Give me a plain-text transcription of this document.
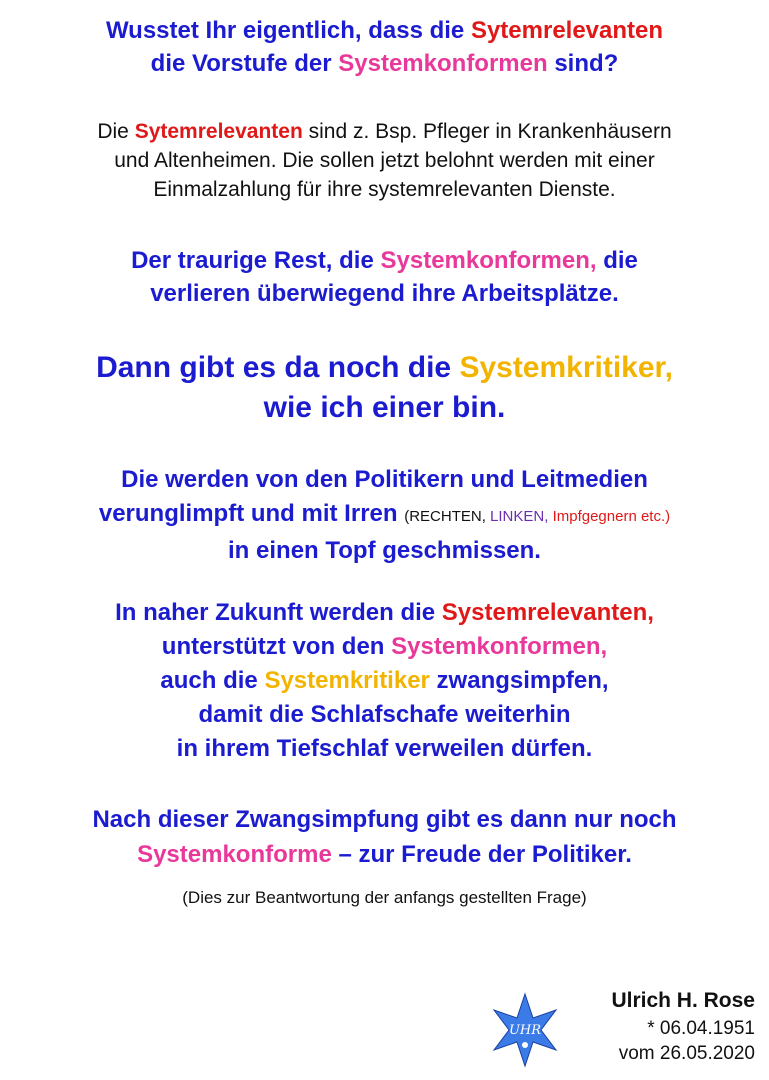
Wusstet Ihr eigentlich, dass die Sytemrelevanten
die Vorstufe der Systemkonformen sind?

Die Sytemrelevanten sind z. Bsp. Pfleger in Krankenhäusern
und Altenheimen. Die sollen jetzt belohnt werden mit einer
Einmalzahlung für ihre systemrelevanten Dienste.

Der traurige Rest, die Systemkonformen, die
verlieren überwiegend ihre Arbeitsplätze.

Dann gibt es da noch die Systemkritiker,
wie ich einer bin.

Die werden von den Politikern und Leitmedien
verunglimpft und mit Irren (RECHTEN, LINKEN, Impfgegnern etc.)
in einen Topf geschmissen.

In naher Zukunft werden die Systemrelevanten,
unterstützt von den Systemkonformen,
auch die Systemkritiker zwangsimpfen,
damit die Schlafschafe weiterhin
in ihrem Tiefschlaf verweilen dürfen.

Nach dieser Zwangsimpfung gibt es dann nur noch
Systemkonforme – zur Freude der Politiker.

(Dies zur Beantwortung der anfangs gestellten Frage)

UHR
Ulrich H. Rose
* 06.04.1951
vom 26.05.2020
